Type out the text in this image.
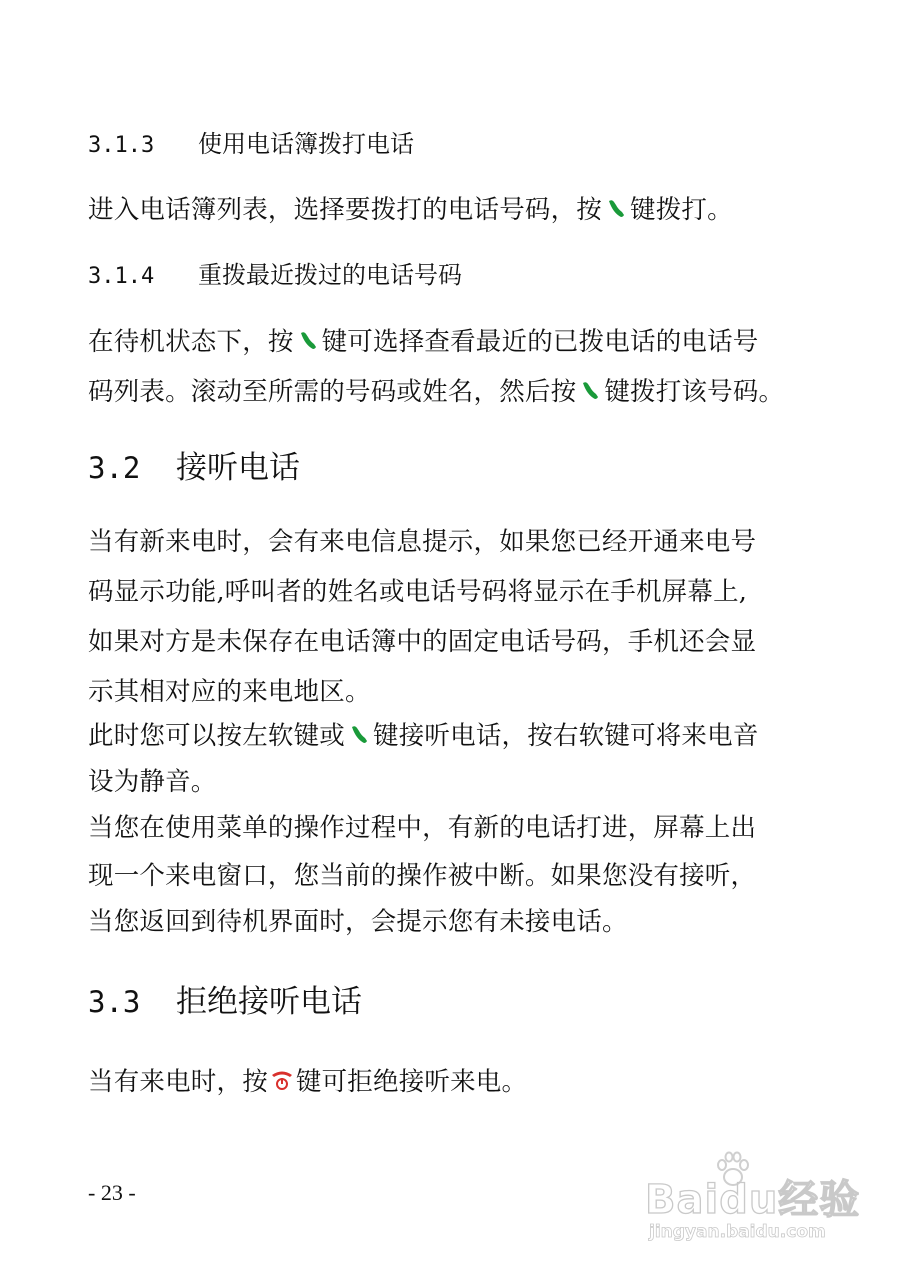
3.1.3 使用电话簿拨打电话
进入电话簿列表，选择要拨打的电话号码，按 键拨打。
3.1.4 重拨最近拨过的电话号码
在待机状态下，按 键可选择查看最近的已拨电话的电话号
码列表。滚动至所需的号码或姓名，然后按 键拨打该号码。
3.2 接听电话
当有新来电时，会有来电信息提示，如果您已经开通来电号
码显示功能,呼叫者的姓名或电话号码将显示在手机屏幕上,
如果对方是未保存在电话簿中的固定电话号码，手机还会显
示其相对应的来电地区。
此时您可以按左软键或 键接听电话，按右软键可将来电音
设为静音。
当您在使用菜单的操作过程中，有新的电话打进，屏幕上出
现一个来电窗口，您当前的操作被中断。如果您没有接听，
当您返回到待机界面时，会提示您有未接电话。
3.3 拒绝接听电话
当有来电时，按 键可拒绝接听来电。
- 23 -	Baidu经验
jingyan.baidu.com
